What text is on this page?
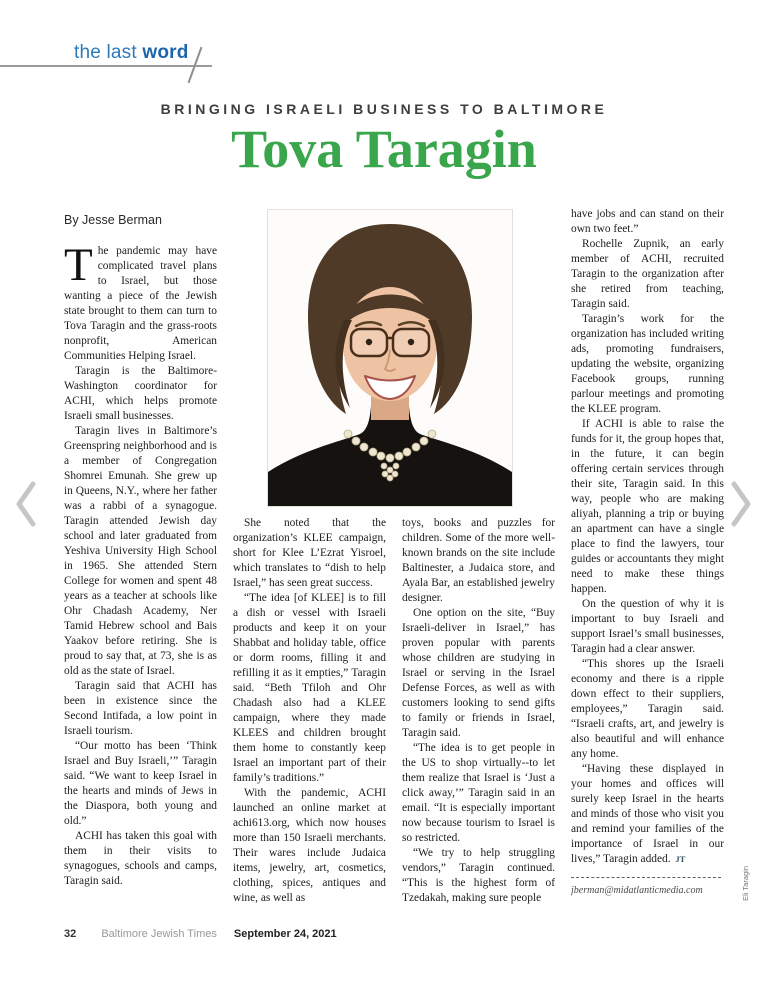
the last word
BRINGING ISRAELI BUSINESS TO BALTIMORE
Tova Taragin
Eli Taragin
By Jesse Berman

The pandemic may have complicated travel plans to Israel, but those wanting a piece of the Jewish state brought to them can turn to Tova Taragin and the grass-roots nonprofit, American Communities Helping Israel.

Taragin is the Baltimore-Washington coordinator for ACHI, which helps promote Israeli small businesses.

Taragin lives in Baltimore’s Greenspring neighborhood and is a member of Congregation Shomrei Emunah. She grew up in Queens, N.Y., where her father was a rabbi of a synagogue. Taragin attended Jewish day school and later graduated from Yeshiva University High School in 1965. She attended Stern College for women and spent 48 years as a teacher at schools like Ohr Chadash Academy, Ner Tamid Hebrew school and Bais Yaakov before retiring. She is proud to say that, at 73, she is as old as the state of Israel.

Taragin said that ACHI has been in existence since the Second Intifada, a low point in Israeli tourism.

“Our motto has been ‘Think Israel and Buy Israeli,’” Taragin said. “We want to keep Israel in the hearts and minds of Jews in the Diaspora, both young and old.”

ACHI has taken this goal with them in their visits to synagogues, schools and camps, Taragin said.

She noted that the organization’s KLEE campaign, short for Klee L’Ezrat Yisroel, which translates to “dish to help Israel,” has seen great success.

“The idea [of KLEE] is to fill a dish or vessel with Israeli products and keep it on your Shabbat and holiday table, office or dorm rooms, filling it and refilling it as it empties,” Taragin said. “Beth Tfiloh and Ohr Chadash also had a KLEE campaign, where they made KLEES and children brought them home to constantly keep Israel an important part of their family’s traditions.”

With the pandemic, ACHI launched an online market at achi613.org, which now houses more than 150 Israeli merchants. Their wares include Judaica items, jewelry, art, cosmetics, clothing, spices, antiques and wine, as well as

toys, books and puzzles for children. Some of the more well-known brands on the site include Baltinester, a Judaica store, and Ayala Bar, an established jewelry designer.

One option on the site, “Buy Israeli-deliver in Israel,” has proven popular with parents whose children are studying in Israel or serving in the Israel Defense Forces, as well as with customers looking to send gifts to family or friends in Israel, Taragin said.

“The idea is to get people in the US to shop virtually--to let them realize that Israel is ‘Just a click away,’” Taragin said in an email. “It is especially important now because tourism to Israel is so restricted.

“We try to help struggling vendors,” Taragin continued. “This is the highest form of Tzedakah, making sure people

have jobs and can stand on their own two feet.”

Rochelle Zupnik, an early member of ACHI, recruited Taragin to the organization after she retired from teaching, Taragin said.

Taragin’s work for the organization has included writing ads, promoting fundraisers, updating the website, organizing Facebook groups, running parlour meetings and promoting the KLEE program.

If ACHI is able to raise the funds for it, the group hopes that, in the future, it can begin offering certain services through their site, Taragin said. In this way, people who are making aliyah, planning a trip or buying an apartment can have a single place to find the lawyers, tour guides or accountants they might need to make these things happen.

On the question of why it is important to buy Israeli and support Israel’s small businesses, Taragin had a clear answer.

“This shores up the Israeli economy and there is a ripple down effect to their suppliers, employees,” Taragin said. “Israeli crafts, art, and jewelry is also beautiful and will enhance any home.

“Having these displayed in your homes and offices will surely keep Israel in the hearts and minds of those who visit you and remind your families of the importance of Israel in our lives,” Taragin added. JT

jberman@midatlanticmedia.com
32 Baltimore Jewish Times September 24, 2021
